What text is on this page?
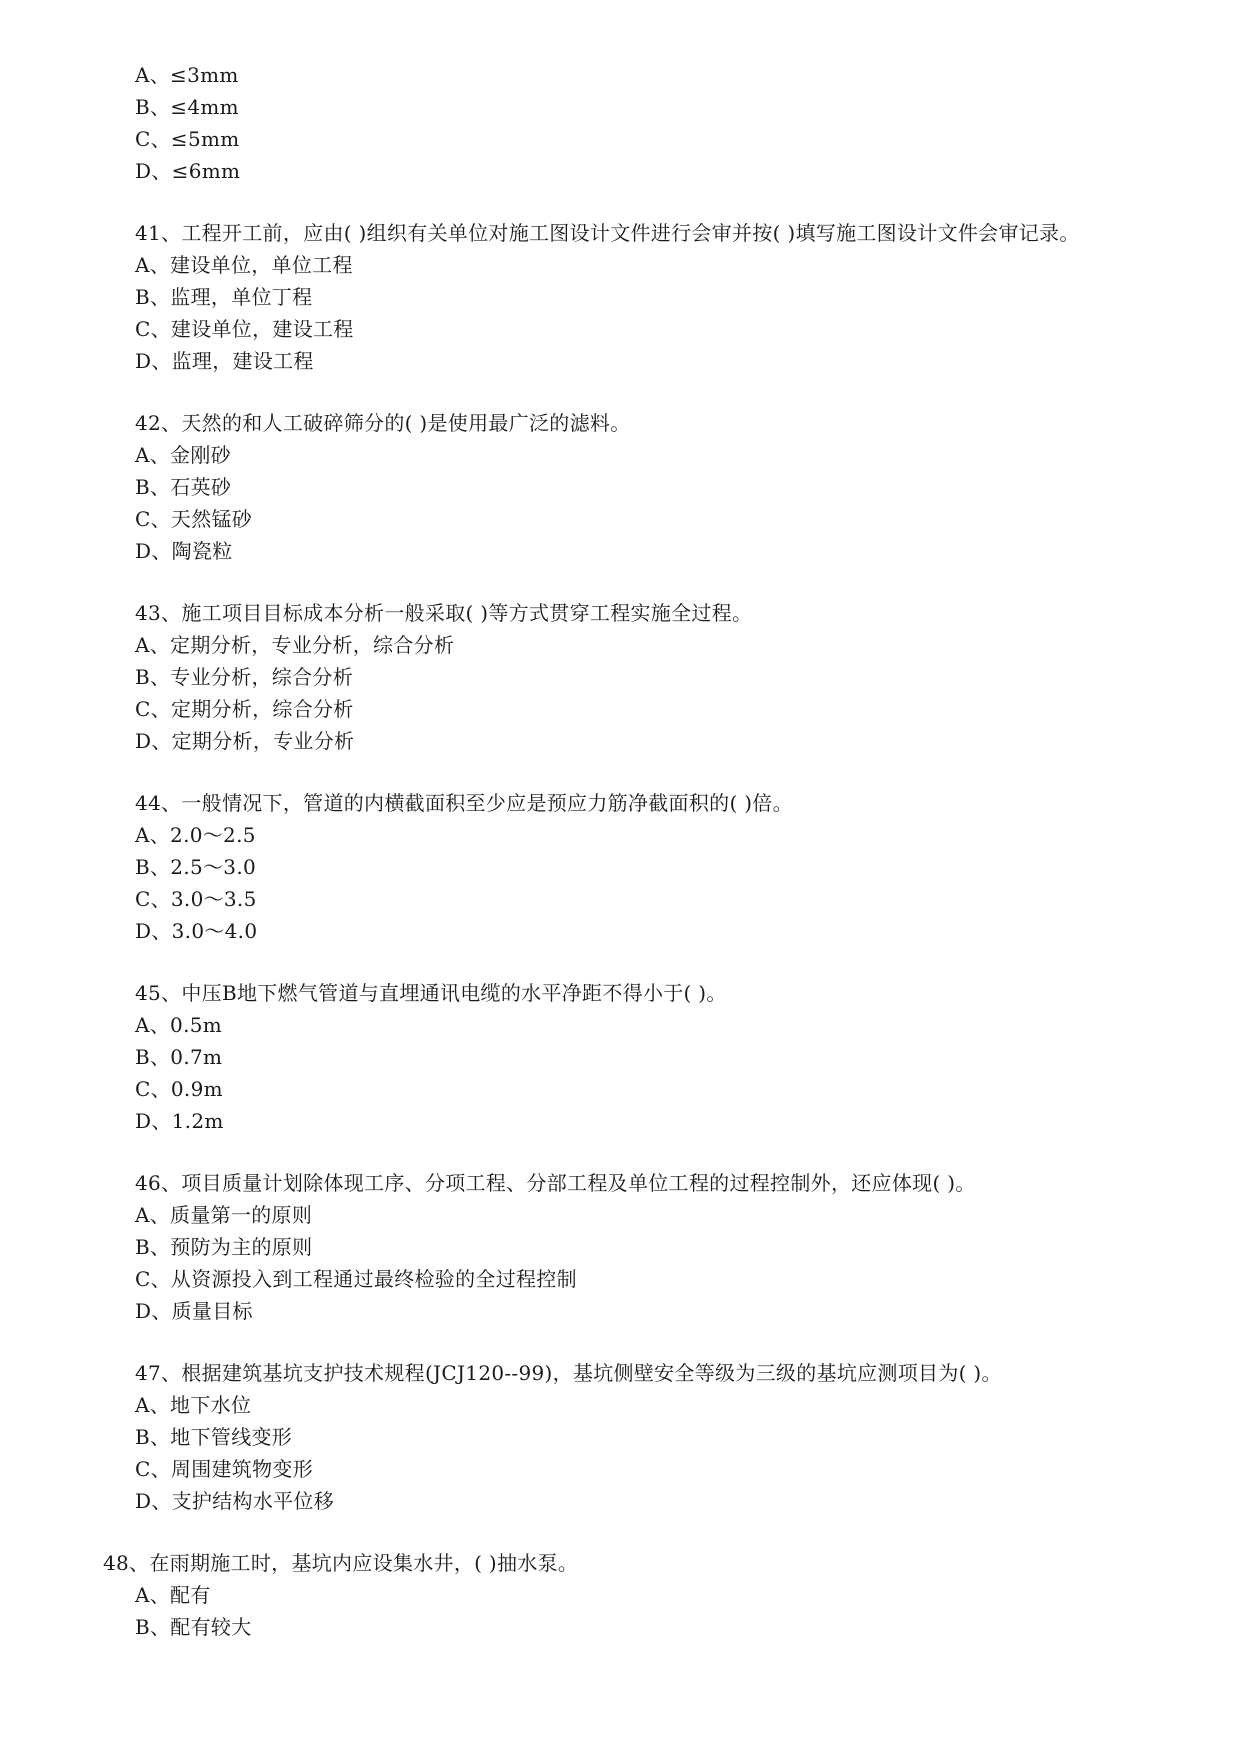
A、≤3mm
B、≤4mm
C、≤5mm
D、≤6mm
41、工程开工前，应由( )组织有关单位对施工图设计文件进行会审并按( )填写施工图设计文件会审记录。
A、建设单位，单位工程
B、监理，单位丁程
C、建设单位，建设工程
D、监理，建设工程
42、天然的和人工破碎筛分的( )是使用最广泛的滤料。
A、金刚砂
B、石英砂
C、天然锰砂
D、陶瓷粒
43、施工项目目标成本分析一般采取( )等方式贯穿工程实施全过程。
A、定期分析，专业分析，综合分析
B、专业分析，综合分析
C、定期分析，综合分析
D、定期分析，专业分析
44、一般情况下，管道的内横截面积至少应是预应力筋净截面积的( )倍。
A、2.0～2.5
B、2.5～3.0
C、3.0～3.5
D、3.0～4.0
45、中压B地下燃气管道与直埋通讯电缆的水平净距不得小于( )。
A、0.5m
B、0.7m
C、0.9m
D、1.2m
46、项目质量计划除体现工序、分项工程、分部工程及单位工程的过程控制外，还应体现( )。
A、质量第一的原则
B、预防为主的原则
C、从资源投入到工程通过最终检验的全过程控制
D、质量目标
47、根据建筑基坑支护技术规程(JCJ120--99)，基坑侧壁安全等级为三级的基坑应测项目为( )。
A、地下水位
B、地下管线变形
C、周围建筑物变形
D、支护结构水平位移
48、在雨期施工时，基坑内应设集水井，( )抽水泵。
A、配有
B、配有较大
